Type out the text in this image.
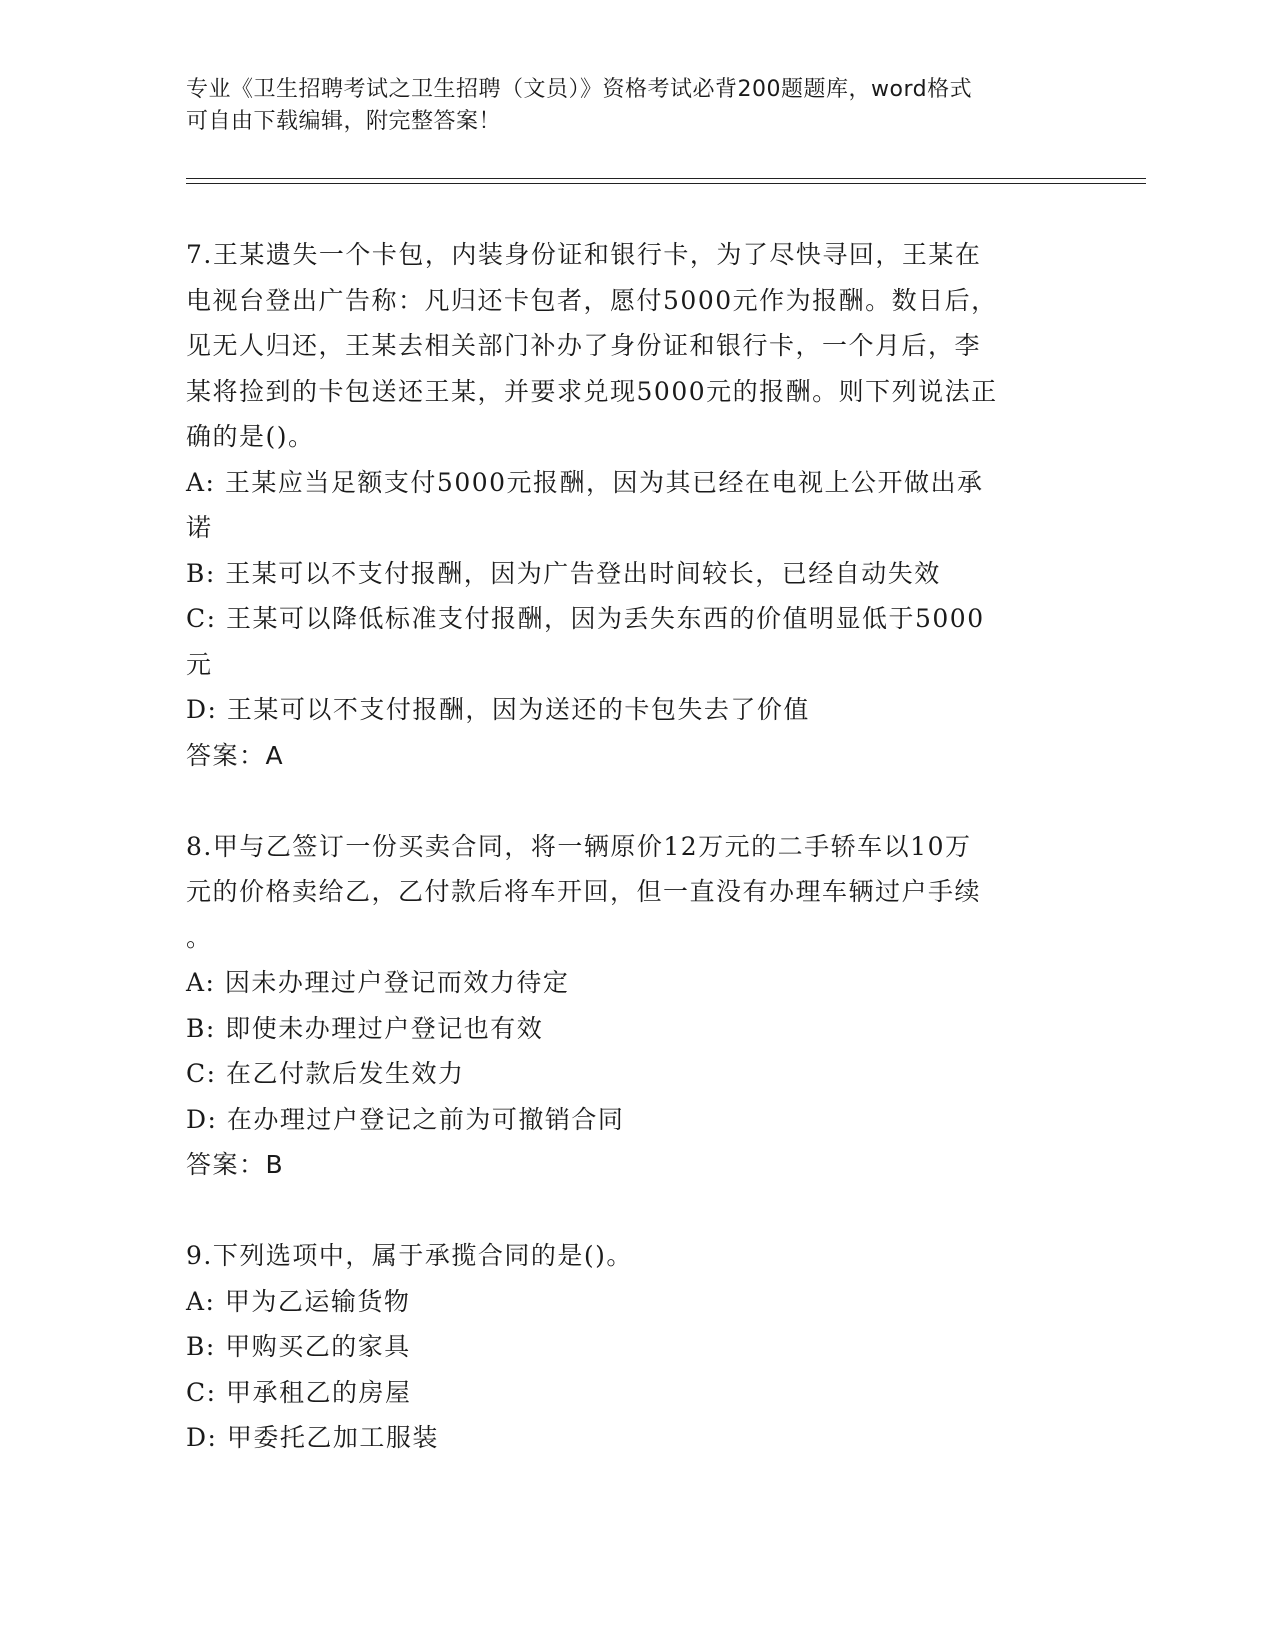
专业《卫生招聘考试之卫生招聘（文员）》资格考试必背200题题库，word格式
可自由下载编辑，附完整答案！
7.王某遗失一个卡包，内装身份证和银行卡，为了尽快寻回，王某在
电视台登出广告称：凡归还卡包者，愿付5000元作为报酬。数日后，
见无人归还，王某去相关部门补办了身份证和银行卡，一个月后，李
某将捡到的卡包送还王某，并要求兑现5000元的报酬。则下列说法正
确的是()。
A: 王某应当足额支付5000元报酬，因为其已经在电视上公开做出承
诺
B: 王某可以不支付报酬，因为广告登出时间较长，已经自动失效
C: 王某可以降低标准支付报酬，因为丢失东西的价值明显低于5000
元
D: 王某可以不支付报酬，因为送还的卡包失去了价值
答案：A
8.甲与乙签订一份买卖合同，将一辆原价12万元的二手轿车以10万
元的价格卖给乙，乙付款后将车开回，但一直没有办理车辆过户手续
。
A: 因未办理过户登记而效力待定
B: 即使未办理过户登记也有效
C: 在乙付款后发生效力
D: 在办理过户登记之前为可撤销合同
答案：B
9.下列选项中，属于承揽合同的是()。
A: 甲为乙运输货物
B: 甲购买乙的家具
C: 甲承租乙的房屋
D: 甲委托乙加工服装
